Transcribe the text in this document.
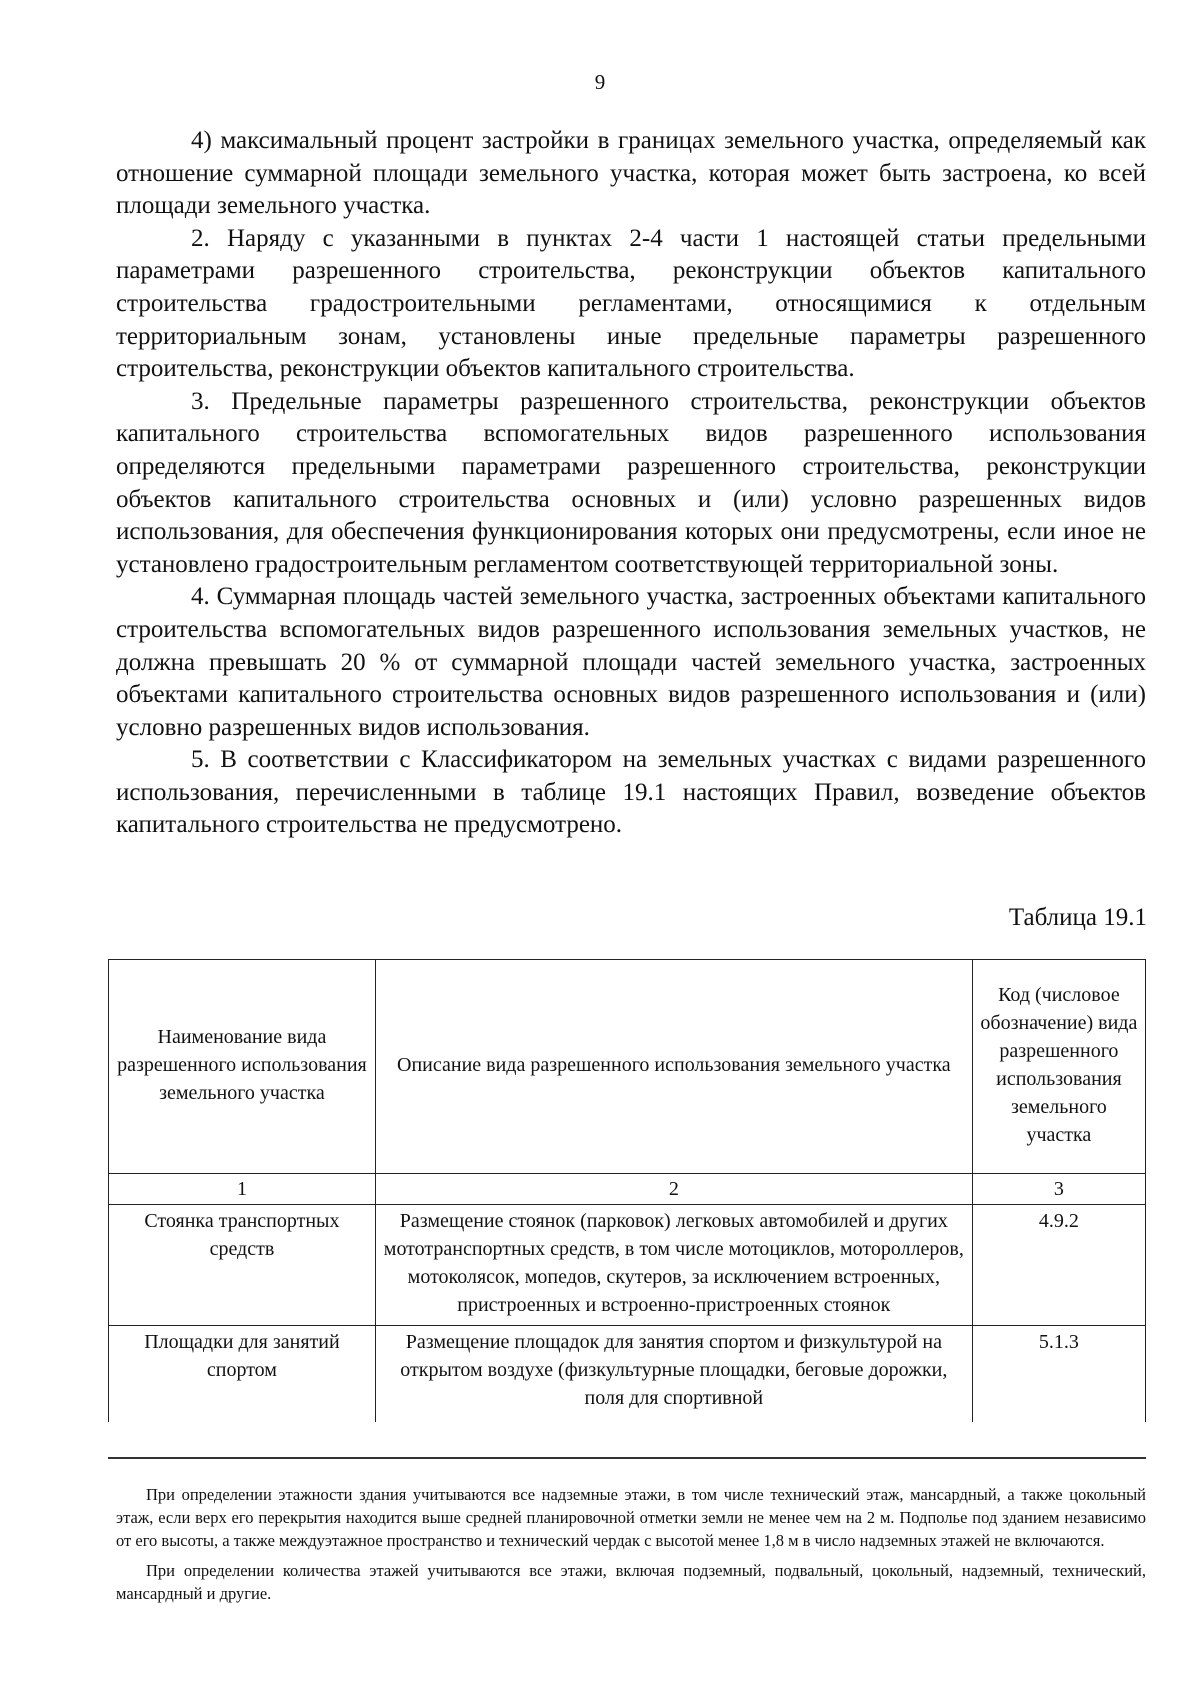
9

4) максимальный процент застройки в границах земельного участка, определяемый как отношение суммарной площади земельного участка, которая может быть застроена, ко всей площади земельного участка.

2. Наряду с указанными в пунктах 2-4 части 1 настоящей статьи предельными параметрами разрешенного строительства, реконструкции объектов капитального строительства градостроительными регламентами, относящимися к отдельным территориальным зонам, установлены иные предельные параметры разрешенного строительства, реконструкции объектов капитального строительства.

3. Предельные параметры разрешенного строительства, реконструкции объектов капитального строительства вспомогательных видов разрешенного использования определяются предельными параметрами разрешенного строительства, реконструкции объектов капитального строительства основных и (или) условно разрешенных видов использования, для обеспечения функционирования которых они предусмотрены, если иное не установлено градостроительным регламентом соответствующей территориальной зоны.

4. Суммарная площадь частей земельного участка, застроенных объектами капитального строительства вспомогательных видов разрешенного использования земельных участков, не должна превышать 20 % от суммарной площади частей земельного участка, застроенных объектами капитального строительства основных видов разрешенного использования и (или) условно разрешенных видов использования.

5. В соответствии с Классификатором на земельных участках с видами разрешенного использования, перечисленными в таблице 19.1 настоящих Правил, возведение объектов капитального строительства не предусмотрено.

Таблица 19.1
Наименование вида разрешенного использования земельного участка	Описание вида разрешенного использования земельного участка	Код (числовое обозначение) вида разрешенного использования земельного участка
1	2	3
Стоянка транспортных средств	Размещение стоянок (парковок) легковых автомобилей и других мототранспортных средств, в том числе мотоциклов, мотороллеров, мотоколясок, мопедов, скутеров, за исключением встроенных, пристроенных и встроенно-пристроенных стоянок	4.9.2
Площадки для занятий спортом	Размещение площадок для занятия спортом и физкультурой на открытом воздухе (физкультурные площадки, беговые дорожки, поля для спортивной	5.1.3

При определении этажности здания учитываются все надземные этажи, в том числе технический этаж, мансардный, а также цокольный этаж, если верх его перекрытия находится выше средней планировочной отметки земли не менее чем на 2 м. Подполье под зданием независимо от его высоты, а также междуэтажное пространство и технический чердак с высотой менее 1,8 м в число надземных этажей не включаются.

При определении количества этажей учитываются все этажи, включая подземный, подвальный, цокольный, надземный, технический, мансардный и другие.
